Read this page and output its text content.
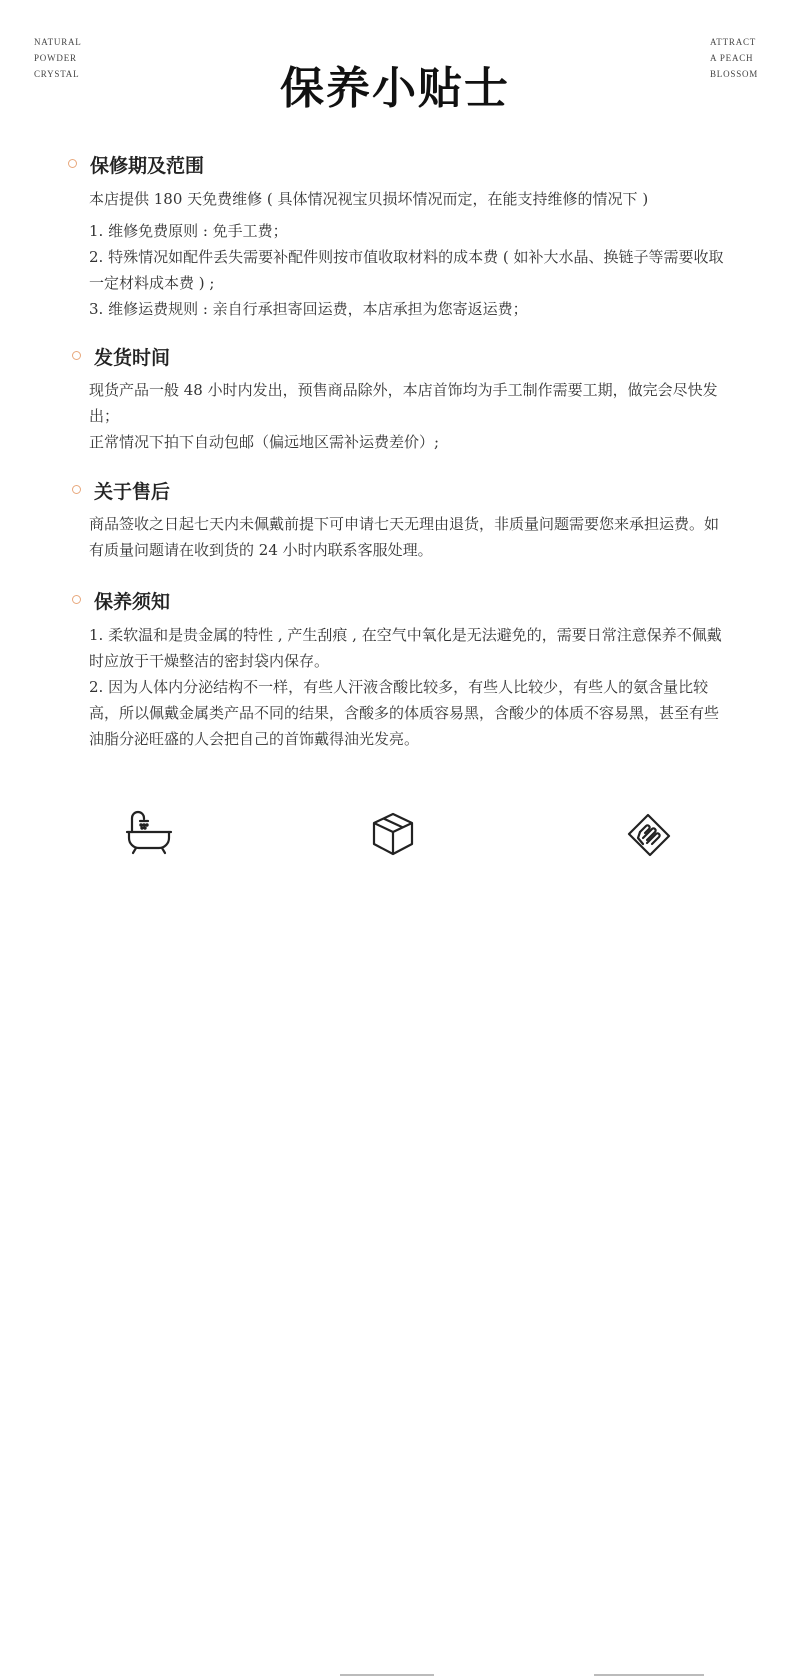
NATURAL
POWDER
CRYSTAL
ATTRACT
A PEACH
BLOSSOM
保养小贴士
保修期及范围
本店提供 180 天免费维修 ( 具体情况视宝贝损坏情况而定，在能支持维修的情况下 )
1. 维修免费原则 : 免手工费；
2. 特殊情况如配件丢失需要补配件则按市值收取材料的成本费 ( 如补大水晶、换链子等需要收取一定材料成本费 ) ;
3. 维修运费规则 : 亲自行承担寄回运费，本店承担为您寄返运费；
发货时间
现货产品一般 48 小时内发出，预售商品除外，本店首饰均为手工制作需要工期，做完会尽快发出；
正常情况下拍下自动包邮（偏远地区需补运费差价）;
关于售后
商品签收之日起七天内未佩戴前提下可申请七天无理由退货，非质量问题需要您来承担运费。如有质量问题请在收到货的 24 小时内联系客服处理。
保养须知
1. 柔软温和是贵金属的特性 , 产生刮痕 , 在空气中氧化是无法避免的，需要日常注意保养不佩戴时应放于干燥整洁的密封袋内保存。
2. 因为人体内分泌结构不一样，有些人汗液含酸比较多，有些人比较少，有些人的氨含量比较高，所以佩戴金属类产品不同的结果，含酸多的体质容易黑，含酸少的体质不容易黑，甚至有些油脂分泌旺盛的人会把自己的首饰戴得油光发亮。
